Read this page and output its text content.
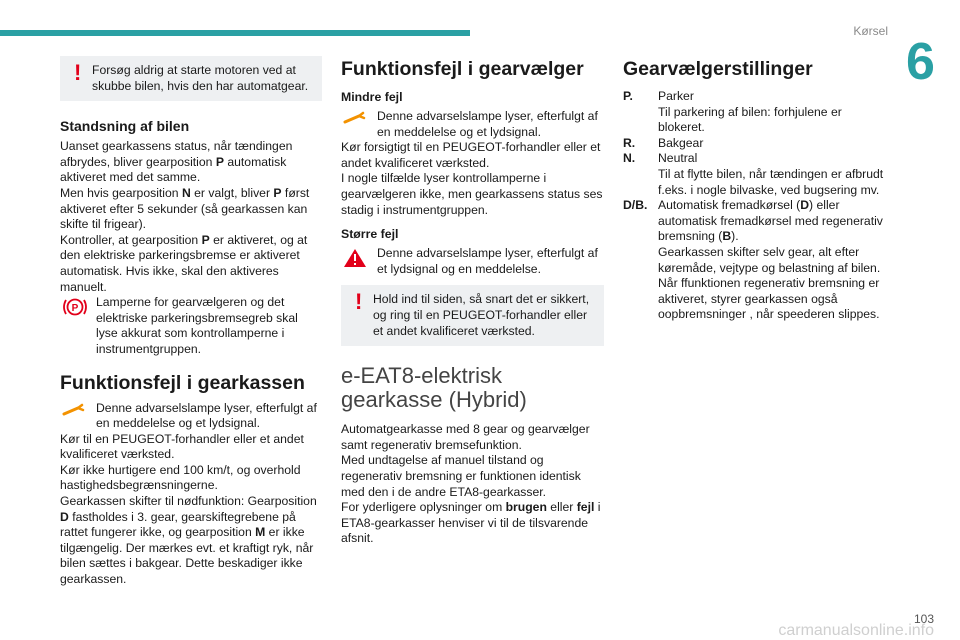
Kørsel
6
! Forsøg aldrig at starte motoren ved at skubbe bilen, hvis den har automatgear.

Standsning af bilen

Uanset gearkassens status, når tændingen afbrydes, bliver gearposition P automatisk aktiveret med det samme.

Men hvis gearposition N er valgt, bliver P først aktiveret efter 5 sekunder (så gearkassen kan skifte til frigear).

Kontroller, at gearposition P er aktiveret, og at den elektriske parkeringsbremse er aktiveret automatisk. Hvis ikke, skal den aktiveres manuelt.

P Lamperne for gearvælgeren og det elektriske parkeringsbremsegreb skal lyse akkurat som kontrollamperne i instrumentgruppen.

Funktionsfejl i gearkassen

Denne advarselslampe lyser, efterfulgt af en meddelelse og et lydsignal.

Kør til en PEUGEOT-forhandler eller et andet kvalificeret værksted.

Kør ikke hurtigere end 100 km/t, og overhold hastighedsbegrænsningerne.

Gearkassen skifter til nødfunktion: Gearposition D fastholdes i 3. gear, gearskiftegrebene på rattet fungerer ikke, og gearposition M er ikke tilgængelig. Der mærkes evt. et kraftigt ryk, når bilen sættes i bakgear. Dette beskadiger ikke gearkassen.

Funktionsfejl i gearvælger
Mindre fejl

Denne advarselslampe lyser, efterfulgt af en meddelelse og et lydsignal.

Kør forsigtigt til en PEUGEOT-forhandler eller et andet kvalificeret værksted.

I nogle tilfælde lyser kontrollamperne i gearvælgeren ikke, men gearkassens status ses stadig i instrumentgruppen.

Større fejl

Denne advarselslampe lyser, efterfulgt af et lydsignal og en meddelelse.

! Hold ind til siden, så snart det er sikkert, og ring til en PEUGEOT-forhandler eller et andet kvalificeret værksted.

e-EAT8-elektrisk gearkasse (Hybrid)

Automatgearkasse med 8 gear og gearvælger samt regenerativ bremsefunktion.

Med undtagelse af manuel tilstand og regenerativ bremsning er funktionen identisk med den i de andre ETA8-gearkasser.

For yderligere oplysninger om brugen eller fejl i ETA8-gearkasser henviser vi til de tilsvarende afsnit.

Gearvælgerstillinger
P.	Parker
Til parkering af bilen: forhjulene er blokeret.
R.	Bakgear
N.	Neutral
Til at flytte bilen, når tændingen er afbrudt f.eks. i nogle bilvaske, ved bugsering mv.
D/B. Automatisk fremadkørsel (D) eller automatisk fremadkørsel med regenerativ bremsning (B).
Gearkassen skifter selv gear, alt efter køremåde, vejtype og belastning af bilen.
Når ffunktionen regenerativ bremsning er aktiveret, styrer gearkassen også oopbremsninger , når speederen slippes.
103
carmanualsonline.info
